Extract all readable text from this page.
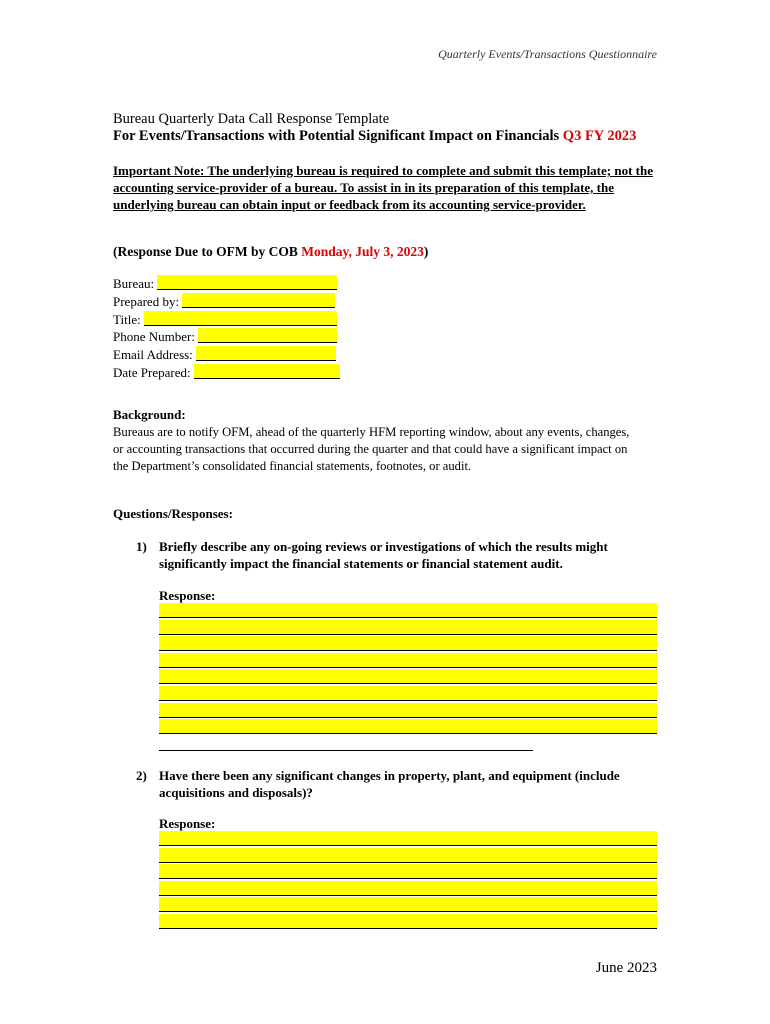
Quarterly Events/Transactions Questionnaire
Bureau Quarterly Data Call Response Template
For Events/Transactions with Potential Significant Impact on Financials Q3 FY 2023
Important Note: The underlying bureau is required to complete and submit this template; not the accounting service-provider of a bureau. To assist in in its preparation of this template, the underlying bureau can obtain input or feedback from its accounting service-provider.
(Response Due to OFM by COB Monday, July 3, 2023)
Bureau:
Prepared by:
Title:
Phone Number:
Email Address:
Date Prepared:
Background:
Bureaus are to notify OFM, ahead of the quarterly HFM reporting window, about any events, changes, or accounting transactions that occurred during the quarter and that could have a significant impact on the Department’s consolidated financial statements, footnotes, or audit.
Questions/Responses:
1) Briefly describe any on-going reviews or investigations of which the results might significantly impact the financial statements or financial statement audit.
Response:
2) Have there been any significant changes in property, plant, and equipment (include acquisitions and disposals)?
Response:
June 2023
